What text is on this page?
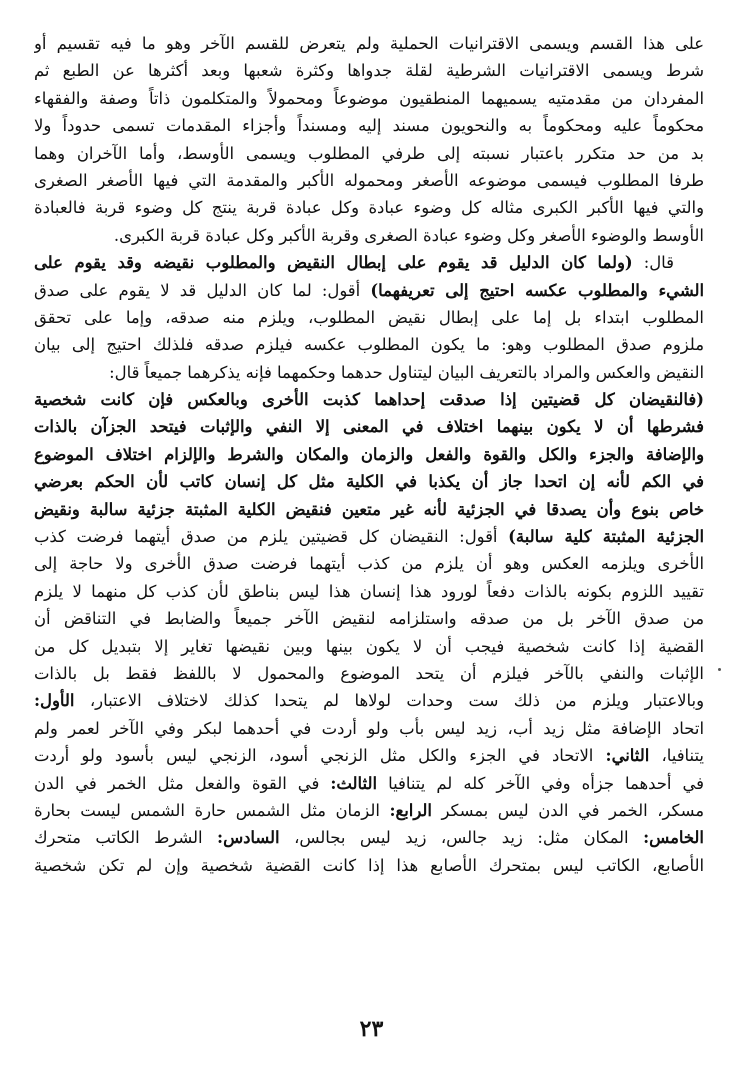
على هذا القسم ويسمى الاقترانيات الحملية ولم يتعرض للقسم الآخر وهو ما فيه تقسيم أو
شرط ويسمى الاقترانيات الشرطية لقلة جدواها وكثرة شعبها وبعد أكثرها عن الطبع ثم
المفردان من مقدمتيه يسميهما المنطقيون موضوعاً ومحمولاً والمتكلمون ذاتاً وصفة والفقهاء
محكوماً عليه ومحكوماً به والنحويون مسند إليه ومسنداً وأجزاء المقدمات تسمى حدوداً ولا
بد من حد متكرر باعتبار نسبته إلى طرفي المطلوب ويسمى الأوسط، وأما الآخران وهما
طرفا المطلوب فيسمى موضوعه الأصغر ومحموله الأكبر والمقدمة التي فيها الأصغر الصغرى
والتي فيها الأكبر الكبرى مثاله كل وضوء عبادة وكل عبادة قربة ينتج كل وضوء قربة فالعبادة
الأوسط والوضوء الأصغر وكل وضوء عبادة الصغرى وقربة الأكبر وكل عبادة قربة الكبرى.
قال: (ولما كان الدليل قد يقوم على إبطال النقيض والمطلوب نقيضه وقد يقوم على
الشيء والمطلوب عكسه احتيج إلى تعريفهما) أقول: لما كان الدليل قد لا يقوم على صدق
المطلوب ابتداء بل إما على إبطال نقيض المطلوب، ويلزم منه صدقه، وإما على تحقق
ملزوم صدق المطلوب وهو: ما يكون المطلوب عكسه فيلزم صدقه فلذلك احتيج إلى بيان
النقيض والعكس والمراد بالتعريف البيان ليتناول حدهما وحكمهما فإنه يذكرهما جميعاً قال:
(فالنقيضان كل قضيتين إذا صدقت إحداهما كذبت الأخرى وبالعكس فإن كانت شخصية
فشرطها أن لا يكون بينهما اختلاف في المعنى إلا النفي والإثبات فيتحد الجزآن بالذات
والإضافة والجزء والكل والقوة والفعل والزمان والمكان والشرط والإلزام اختلاف الموضوع
في الكم لأنه إن اتحدا جاز أن يكذبا في الكلية مثل كل إنسان كاتب لأن الحكم بعرضي
خاص بنوع وأن يصدقا في الجزئية لأنه غير متعين فنقيض الكلية المثبتة جزئية سالبة ونقيض
الجزئية المثبتة كلية سالبة) أقول: النقيضان كل قضيتين يلزم من صدق أيتهما فرضت كذب
الأخرى ويلزمه العكس وهو أن يلزم من كذب أيتهما فرضت صدق الأخرى ولا حاجة إلى
تقييد اللزوم بكونه بالذات دفعاً لورود هذا إنسان هذا ليس بناطق لأن كذب كل منهما لا يلزم
من صدق الآخر بل من صدقه واستلزامه لنقيض الآخر جميعاً والضابط في التناقض أن
القضية إذا كانت شخصية فيجب أن لا يكون بينها وبين نقيضها تغاير إلا بتبديل كل من
الإثبات والنفي بالآخر فيلزم أن يتحد الموضوع والمحمول لا باللفظ فقط بل بالذات
وبالاعتبار ويلزم من ذلك ست وحدات لولاها لم يتحدا كذلك لاختلاف الاعتبار، الأول:
اتحاد الإضافة مثل زيد أب، زيد ليس بأب ولو أردت في أحدهما لبكر وفي الآخر لعمر ولم
يتنافيا، الثاني: الاتحاد في الجزء والكل مثل الزنجي أسود، الزنجي ليس بأسود ولو أردت
في أحدهما جزأه وفي الآخر كله لم يتنافيا الثالث: في القوة والفعل مثل الخمر في الدن
مسكر، الخمر في الدن ليس بمسكر الرابع: الزمان مثل الشمس حارة الشمس ليست بحارة
الخامس: المكان مثل: زيد جالس، زيد ليس بجالس، السادس: الشرط الكاتب متحرك
الأصابع، الكاتب ليس بمتحرك الأصابع هذا إذا كانت القضية شخصية وإن لم تكن شخصية
٢٣
